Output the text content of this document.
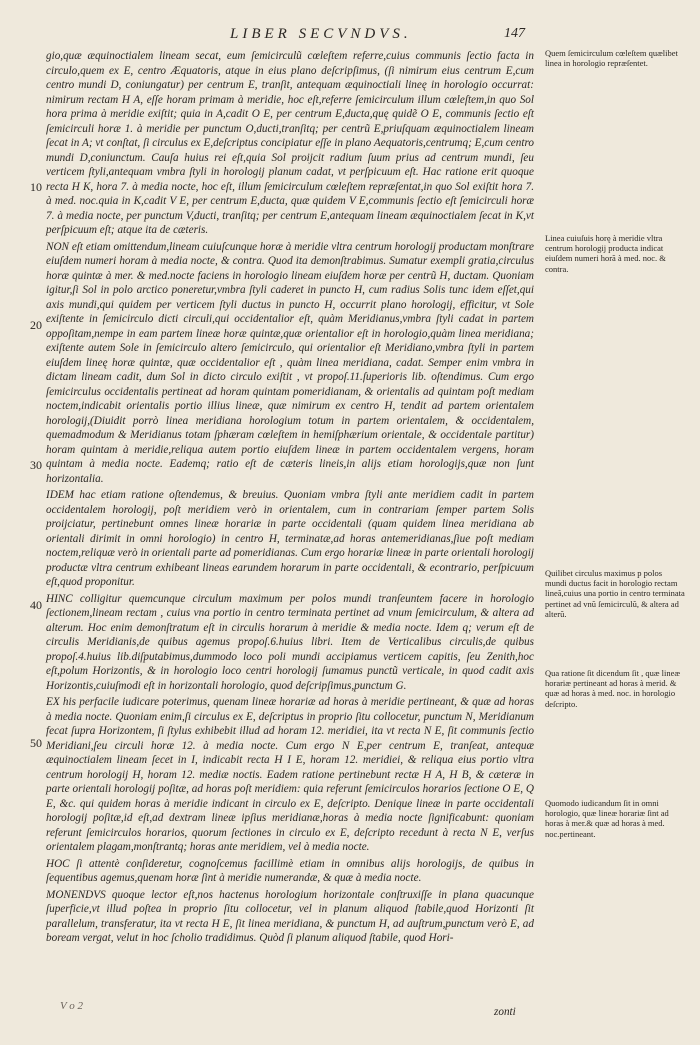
LIBER SECVNDVS.	147
10
20
30
40
50

gio,quæ æquinoctialem lineam secat, eum ſemicirculũ cœleſtem referre,cuius communis ſectio facta in circulo,quem ex E, centro Æquatoris, atque in eius plano deſcripſimus, (ſi nimirum eius centrum E,cum centro mundi D, coniungatur) per centrum E, tranſit, antequam æquinoctiali lineę in horologio occurrat: nimirum rectam H A, eſſe horam primam à meridie, hoc eſt,referre ſemicirculum illum cœleſtem,in quo Sol hora prima à meridie exiſtit; quia in A,cadit O E, per centrum E,ducta,quę quidẽ O E, communis ſectio eſt ſemicirculi horæ 1. à meridie per punctum O,ducti,tranſitq; per centrũ E,priuſquam æquinoctialem lineam ſecat in A; vt conſtat, ſi circulus ex E,deſcriptus concipiatur eſſe in plano Aequatoris,centrumq; E,cum centro mundi D,coniunctum. Cauſa huius rei eſt,quia Sol proijcit radium ſuum prius ad centrum mundi, ſeu verticem ſtyli,antequam vmbra ſtyli in horologij planum cadat, vt perſpicuum eſt. Hac ratione erit quoque recta H K, hora 7. à media nocte, hoc eſt, illum ſemicirculum cœleſtem repræſentat,in quo Sol exiſtit hora 7. à med. noc.quia in K,cadit V E, per centrum E,ducta, quæ quidem V E,communis ſectio eſt ſemicirculi horæ 7. à media nocte, per punctum V,ducti, tranſitq; per centrum E,antequam lineam æquinoctialem ſecat in K,vt perſpicuum eſt; atque ita de cæteris.

NON eſt etiam omittendum,lineam cuiuſcunque horæ à meridie vltra centrum horologij productam monſtrare eiuſdem numeri horam à media nocte, & contra. Quod ita demonſtrabimus. Sumatur exempli gratia,circulus horæ quintæ à mer. & med.nocte faciens in horologio lineam eiuſdem horæ per centrũ H, ductam. Quoniam igitur,ſi Sol in polo arctico poneretur,vmbra ſtyli caderet in puncto H, cum radius Solis tunc idem eſſet,qui axis mundi,qui quidem per verticem ſtyli ductus in puncto H, occurrit plano horologij, efficitur, vt Sole exiſtente in ſemicirculo dicti circuli,qui occidentalior eſt, quàm Meridianus,vmbra ſtyli cadat in partem oppoſitam,nempe in eam partem lineæ horæ quintæ,quæ orientalior eſt in horologio,quàm linea meridiana; exiſtente autem Sole in ſemicirculo altero ſemicirculo, qui orientalior eſt Meridiano,vmbra ſtyli in partem eiuſdem lineę horæ quintæ, quæ occidentalior eſt , quàm linea meridiana, cadat. Semper enim vmbra in dictam lineam cadit, dum Sol in dicto circulo exiſtit , vt propoſ.11.ſuperioris lib. oſtendimus. Cum ergo ſemicirculus occidentalis pertineat ad horam quintam pomeridianam, & orientalis ad quintam poſt mediam noctem,indicabit orientalis portio illius lineæ, quæ nimirum ex centro H, tendit ad partem orientalem horologij,(Diuidit porrò linea meridiana horologium totum in partem orientalem, & occidentalem, quemadmodum & Meridianus totam ſphæram cœleſtem in hemiſphærium orientale, & occidentale partitur) horam quintam à meridie,reliqua autem portio eiuſdem lineæ in partem occidentalem vergens, horam quintam à media nocte. Eademq; ratio eſt de cæteris lineis,in alijs etiam horologijs,quæ non ſunt horizontalia.

IDEM hac etiam ratione oſtendemus, & breuius. Quoniam vmbra ſtyli ante meridiem cadit in partem occidentalem horologij, poſt meridiem verò in orientalem, cum in contrariam ſemper partem Solis proijciatur, pertinebunt omnes lineæ horariæ in parte occidentali (quam quidem linea meridiana ab orientali dirimit in omni horologio) in centro H, terminatæ,ad horas antemeridianas,ſiue poſt mediam noctem,reliquæ verò in orientali parte ad pomeridianas. Cum ergo horariæ lineæ in parte orientali horologij productæ vltra centrum exhibeant lineas earundem horarum in parte occidentali, & econtrario, perſpicuum eſt,quod proponitur.

HINC colligitur quemcunque circulum maximum per polos mundi tranſeuntem facere in horologio ſectionem,lineam rectam , cuius vna portio in centro terminata pertinet ad vnum ſemicirculum, & altera ad alterum. Hoc enim demonſtratum eſt in circulis horarum à meridie & media nocte. Idem q; verum eſt de circulis Meridianis,de quibus agemus propoſ.6.huius libri. Item de Verticalibus circulis,de quibus propoſ.4.huius lib.diſputabimus,dummodo loco poli mundi accipiamus verticem capitis, ſeu Zenith,hoc eſt,polum Horizontis, & in horologio loco centri horologij ſumamus punctũ verticale, in quod cadit axis Horizontis,cuiuſmodi eſt in horizontali horologio, quod deſcripſimus,punctum G.

EX his perfacile iudicare poterimus, quenam lineæ horariæ ad horas à meridie pertineant, & quæ ad horas à media nocte. Quoniam enim,ſi circulus ex E, deſcriptus in proprio ſitu collocetur, punctum N, Meridianum fecat ſupra Horizontem, ſi ſtylus exhibebit illud ad horam 12. meridiei, ita vt recta N E, ſit communis ſectio Meridiani,ſeu circuli horæ 12. à media nocte. Cum ergo N E,per centrum E, tranſeat, antequæ æquinoctialem lineam ſecet in I, indicabit recta H I E, horam 12. meridiei, & reliqua eius portio vltra centrum horologij H, horam 12. mediæ noctis. Eadem ratione pertinebunt rectæ H A, H B, & cæteræ in parte orientali horologij poſitæ, ad horas poſt meridiem: quia referunt ſemicirculos horarios ſectione O E, Q E, &c. qui quidem horas à meridie indicant in circulo ex E, deſcripto. Denique lineæ in parte occidentali horologij poſitæ,id eſt,ad dextram lineæ ipſius meridianæ,horas à media nocte ſignificabunt: quoniam referunt ſemicirculos horarios, quorum ſectiones in circulo ex E, deſcripto recedunt à recta N E, verſus orientalem plagam,monſtrantq; horas ante meridiem, vel à media nocte.

HOC ſi attentè conſideretur, cognoſcemus facillimè etiam in omnibus alijs horologijs, de quibus in ſequentibus agemus,quenam horæ ſint à meridie numerandæ, & quæ à media nocte.

MONENDVS quoque lector eſt,nos hactenus horologium horizontale conſtruxiſſe in plana quacunque ſuperficie,vt illud poſtea in proprio ſitu collocetur, vel in planum aliquod ſtabile,quod Horizonti ſit parallelum, transferatur, ita vt recta H E, ſit linea meridiana, & punctum H, ad auſtrum,punctum verò E, ad boream vergat, velut in hoc ſcholio tradidimus. Quòd ſi planum aliquod ſtabile, quod Hori-

Quem ſemicirculum cœleſtem quælibet linea in horologio repræſentet.
Linea cuiuſuis horę à meridie vltra centrum horologij producta indicat eiuſdem numeri horã à med. noc. & contra.
Quilibet circulus maximus p polos mundi ductus facit in horologio rectam lineã,cuius una portio in centro terminata pertinet ad vnũ ſemicirculũ, & altera ad alterũ.
Qua ratione ſit dicendum ſit , quæ lineæ horariæ pertineant ad horas à merid. & quæ ad horas à med. noc. in horologio deſcripto.
Quomodo iudicandum ſit in omni horologio, quæ lineæ horariæ ſint ad horas à mer.& quæ ad horas à med. noc.pertineant.
V o 2	zonti
